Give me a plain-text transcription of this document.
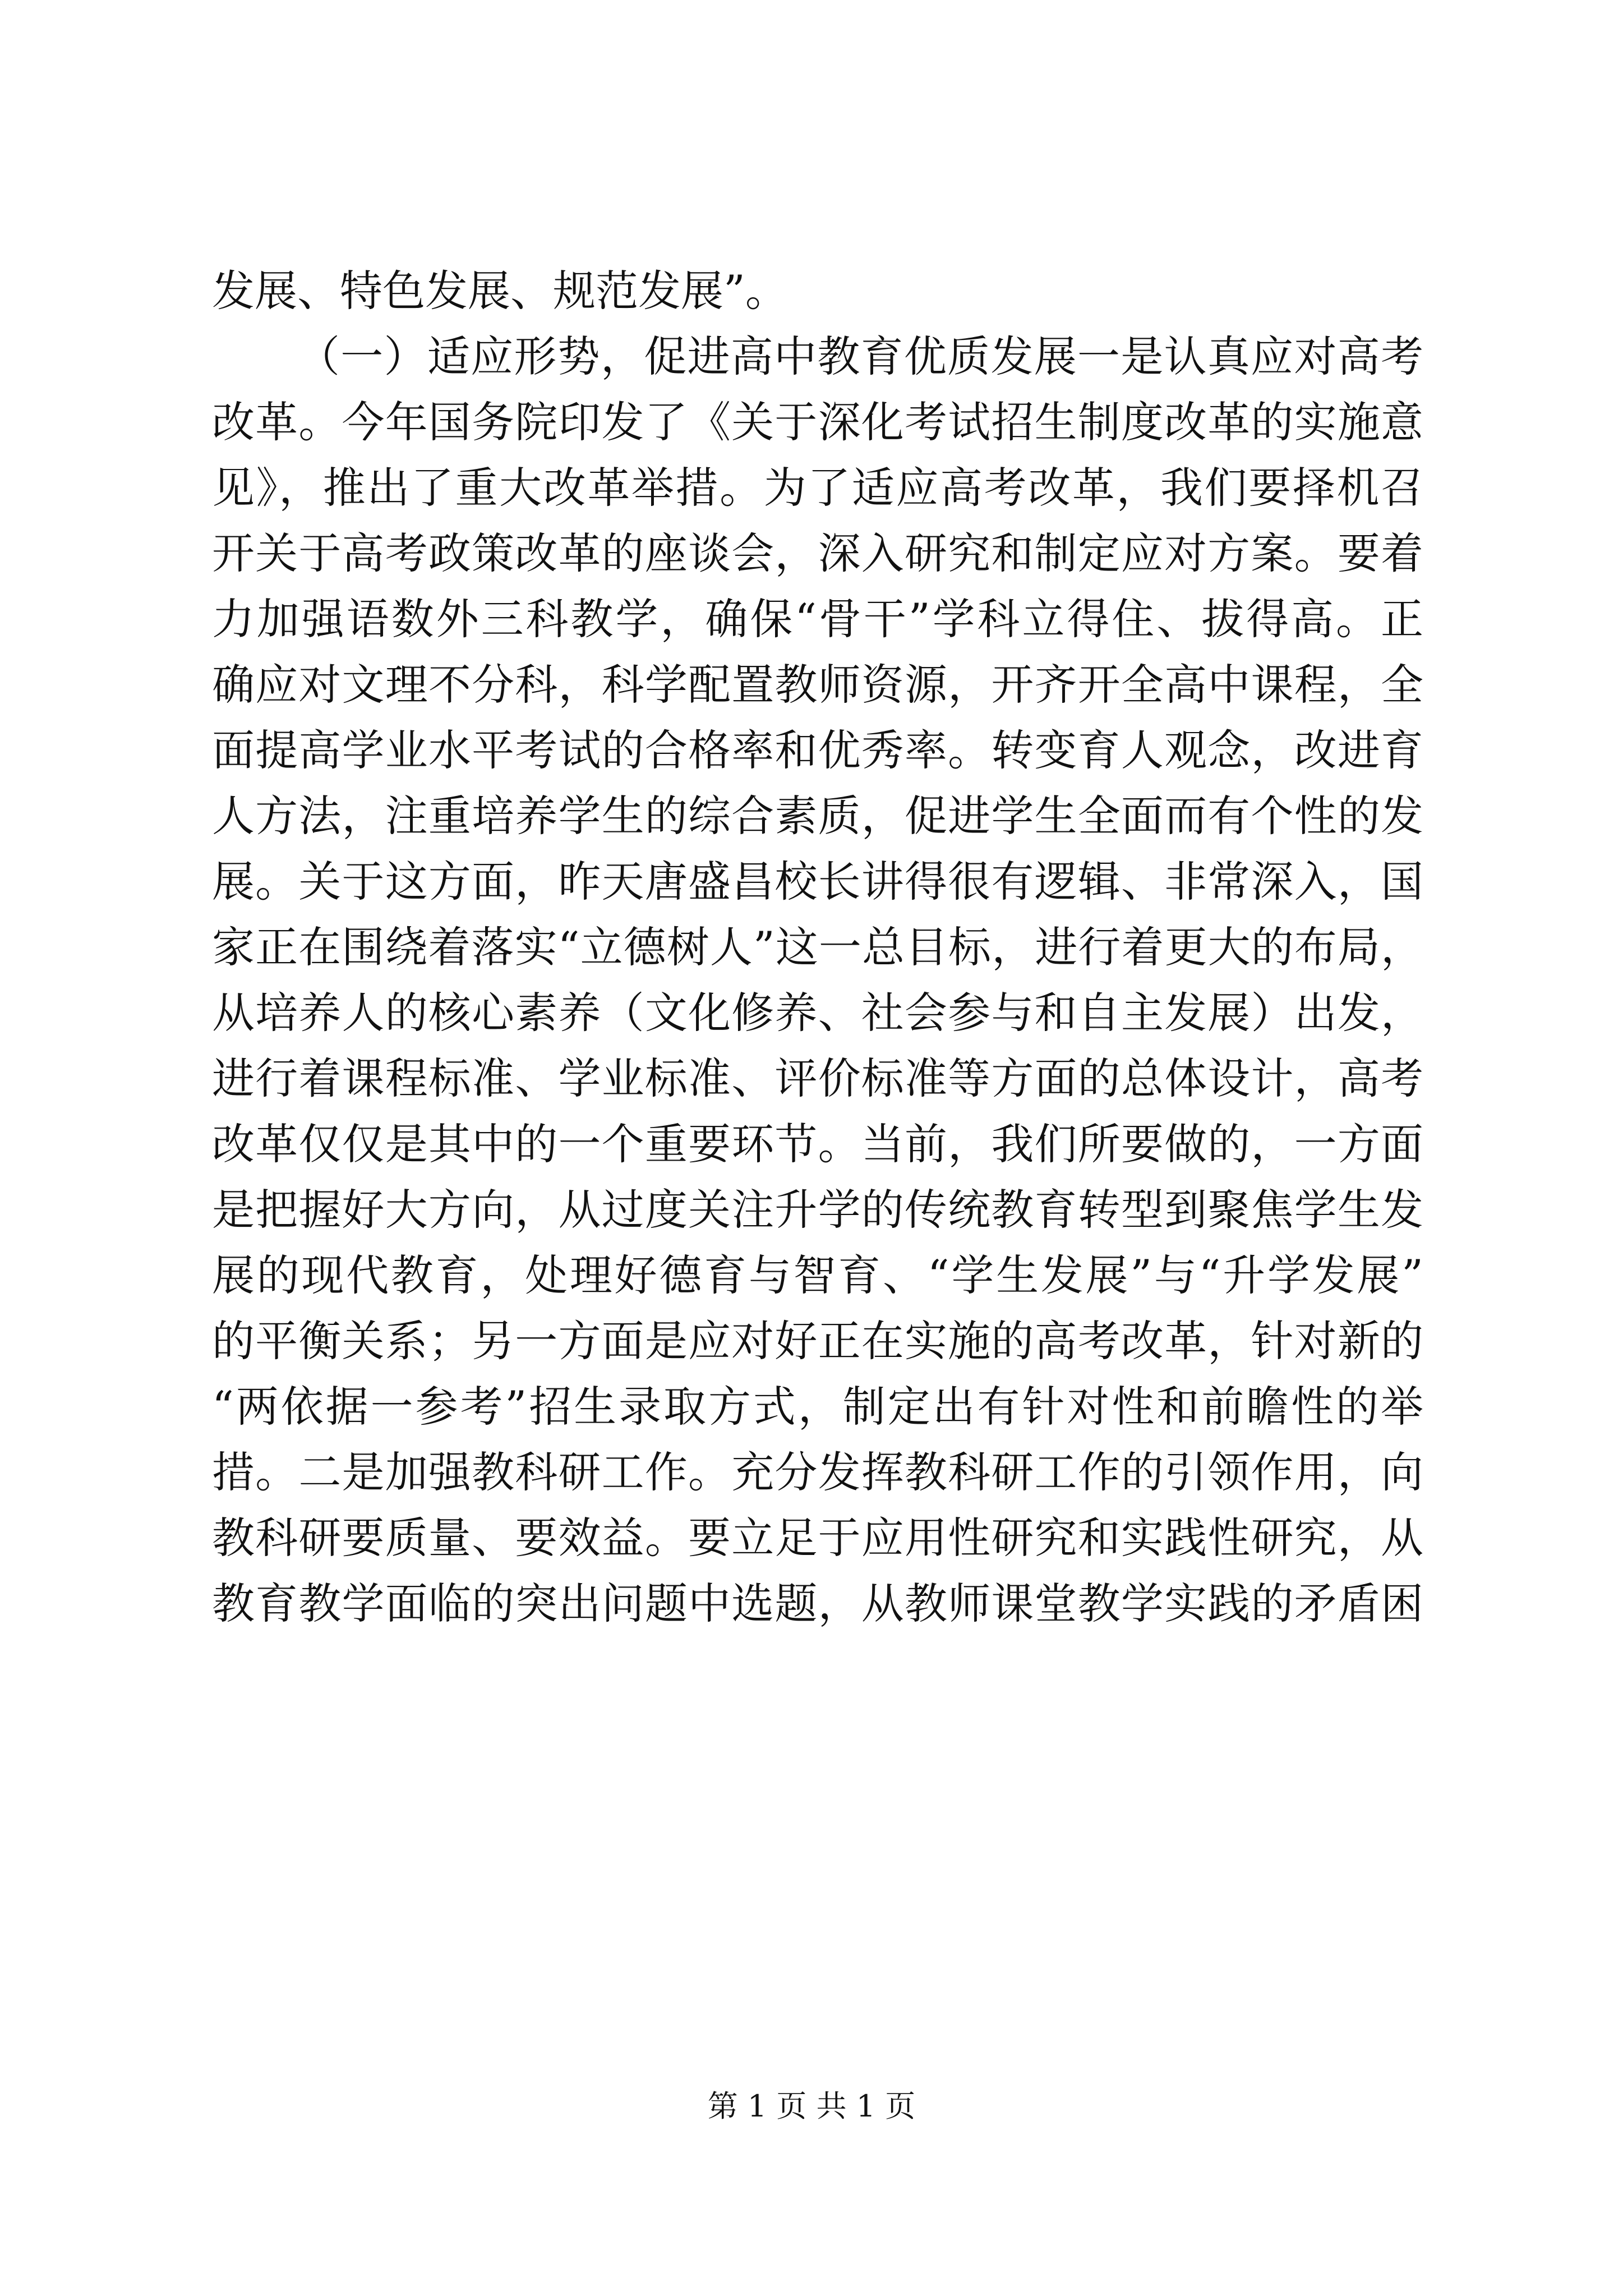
发展、特色发展、规范发展”。
（一）适应形势，促进高中教育优质发展一是认真应对高考
改革。今年国务院印发了《关于深化考试招生制度改革的实施意
见》，推出了重大改革举措。为了适应高考改革，我们要择机召
开关于高考政策改革的座谈会，深入研究和制定应对方案。要着
力加强语数外三科教学，确保“骨干”学科立得住、拔得高。正
确应对文理不分科，科学配置教师资源，开齐开全高中课程，全
面提高学业水平考试的合格率和优秀率。转变育人观念，改进育
人方法，注重培养学生的综合素质，促进学生全面而有个性的发
展。关于这方面，昨天唐盛昌校长讲得很有逻辑、非常深入，国
家正在围绕着落实“立德树人”这一总目标，进行着更大的布局，
从培养人的核心素养（文化修养、社会参与和自主发展）出发，
进行着课程标准、学业标准、评价标准等方面的总体设计，高考
改革仅仅是其中的一个重要环节。当前，我们所要做的，一方面
是把握好大方向，从过度关注升学的传统教育转型到聚焦学生发
展的现代教育，处理好德育与智育、“学生发展”与“升学发展”
的平衡关系；另一方面是应对好正在实施的高考改革，针对新的
“两依据一参考”招生录取方式，制定出有针对性和前瞻性的举
措。二是加强教科研工作。充分发挥教科研工作的引领作用，向
教科研要质量、要效益。要立足于应用性研究和实践性研究，从
教育教学面临的突出问题中选题，从教师课堂教学实践的矛盾困
第 1 页 共 1 页
